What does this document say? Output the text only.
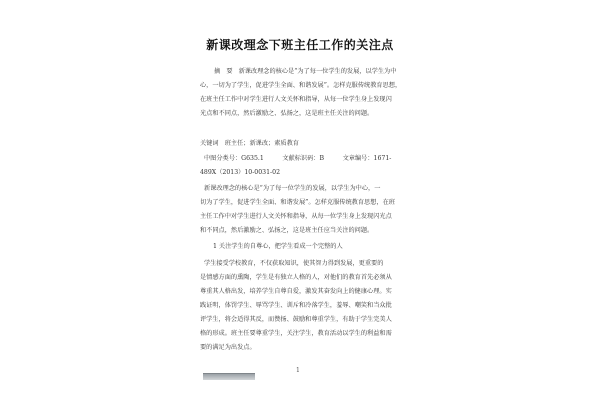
新课改理念下班主任工作的关注点
摘　要 新课改理念的核心是“为了每一位学生的发展，以学生为中
心，一切为了学生，促进学生全面、和谐发展”。怎样克服传统教育思想，
在班主任工作中对学生进行人文关怀和指导，从每一位学生身上发现闪
光点和不同点，然后激励之、弘扬之，这是班主任关注的问题。
关键词　班主任；新课改；素质教育
中图分类号：G635.1　　　文献标识码：B　　　文章编号：1671-
489X（2013）10-0031-02
新课改理念的核心是“为了每一位学生的发展，以学生为中心，一
切为了学生，促进学生全面、和谐发展”。怎样克服传统教育思想，在班
主任工作中对学生进行人文关怀和指导，从每一位学生身上发现闪光点
和不同点，然后激励之、弘扬之，这是班主任应当关注的问题。
1 关注学生的自尊心，把学生看成一个完整的人
学生接受学校教育，不仅获取知识，使其智力得到发展，更重要的
是情感方面的熏陶，学生是有独立人格的人，对他们的教育首先必须从
尊重其人格出发，培养学生自尊自爱，激发其奋发向上的健康心理。实
践证明，体罚学生、辱骂学生、训斥和冷落学生，羞辱、嘲笑和当众批
评学生，将会适得其反，而赞扬、鼓励和尊重学生，有助于学生完美人
格的形成。班主任要尊重学生，关注学生，教育活动以学生的利益和需
要的满足为出发点。
1
